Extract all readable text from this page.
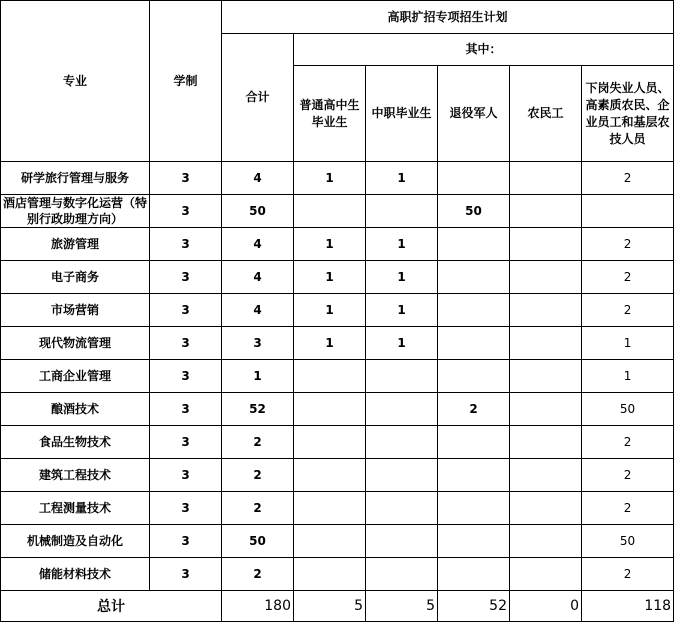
专业	学制	高职扩招专项招生计划					
		合计	其中：				
			普通高中生毕业生	中职毕业生	退役军人	农民工	下岗失业人员、高素质农民、企业员工和基层农技人员

研学旅行管理与服务	3	4	1	1			2
酒店管理与数字化运营（特别行政助理方向）	3	50			50		
旅游管理	3	4	1	1			2
电子商务	3	4	1	1			2
市场营销	3	4	1	1			2
现代物流管理	3	3	1	1			1
工商企业管理	3	1					1
酿酒技术	3	52			2		50
食品生物技术	3	2					2
建筑工程技术	3	2					2
工程测量技术	3	2					2
机械制造及自动化	3	50					50
储能材料技术	3	2					2
总计		180	5	5	52	0	118
